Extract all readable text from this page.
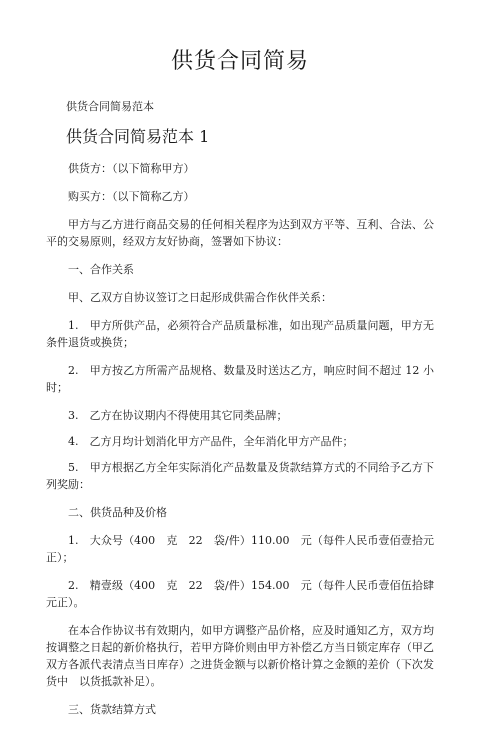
供货合同简易
供货合同简易范本
供货合同简易范本 1

供货方：（以下简称甲方）

购买方：（以下简称乙方）

甲方与乙方进行商品交易的任何相关程序为达到双方平等、互利、合法、公平的交易原则，经双方友好协商，签署如下协议：

一、合作关系

甲、乙双方自协议签订之日起形成供需合作伙伴关系：

1.　甲方所供产品，必须符合产品质量标准，如出现产品质量问题，甲方无　条件退货或换货；

2.　甲方按乙方所需产品规格、数量及时送达乙方，响应时间不超过 12 小时；

3.　乙方在协议期内不得使用其它同类品牌；

4.　乙方月均计划消化甲方产品件，全年消化甲方产品件；

5.　甲方根据乙方全年实际消化产品数量及货款结算方式的不同给予乙方下　列奖励：

二、供货品种及价格

1.　大众号（400　克　22　袋/件）110.00　元（每件人民币壹佰壹拾元正）；

2.　精壹级（400　克　22　袋/件）154.00　元（每件人民币壹佰伍拾肆元正）。

在本合作协议书有效期内，如甲方调整产品价格，应及时通知乙方，双方均按调整之日起的新价格执行，若甲方降价则由甲方补偿乙方当日锁定库存（甲乙双方各派代表清点当日库存）之进货金额与以新价格计算之金额的差价（下次发货中　以货抵款补足）。

三、货款结算方式
